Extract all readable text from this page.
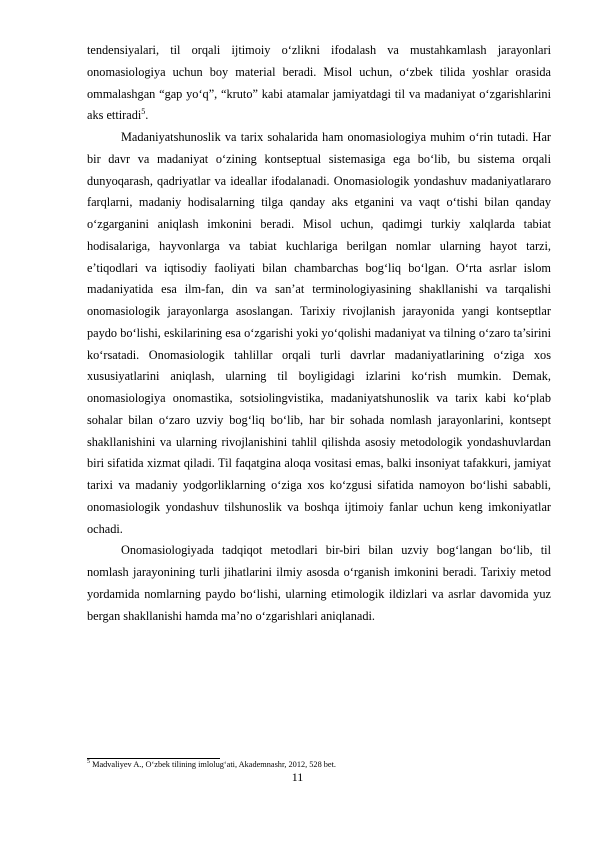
tendensiyalari, til orqali ijtimoiy o‘zlikni ifodalash va mustahkamlash jarayonlari onomasiologiya uchun boy material beradi. Misol uchun, o‘zbek tilida yoshlar orasida ommalashgan “gap yo‘q”, “kruto” kabi atamalar jamiyatdagi til va madaniyat o‘zgarishlarini aks ettiradi$^5$.

Madaniyatshunoslik va tarix sohalarida ham onomasiologiya muhim o‘rin tutadi. Har bir davr va madaniyat o‘zining kontseptual sistemasiga ega bo‘lib, bu sistema orqali dunyoqarash, qadriyatlar va ideallar ifodalanadi. Onomasiologik yondashuv madaniyatlararo farqlarni, madaniy hodisalarning tilga qanday aks etganini va vaqt o‘tishi bilan qanday o‘zgarganini aniqlash imkonini beradi. Misol uchun, qadimgi turkiy xalqlarda tabiat hodisalariga, hayvonlarga va tabiat kuchlariga berilgan nomlar ularning hayot tarzi, e’tiqodlari va iqtisodiy faoliyati bilan chambarchas bog‘liq bo‘lgan. O‘rta asrlar islom madaniyatida esa ilm-fan, din va san’at terminologiyasining shakllanishi va tarqalishi onomasiologik jarayonlarga asoslangan. Tarixiy rivojlanish jarayonida yangi kontseptlar paydo bo‘lishi, eskilarining esa o‘zgarishi yoki yo‘qolishi madaniyat va tilning o‘zaro ta’sirini ko‘rsatadi. Onomasiologik tahlillar orqali turli davrlar madaniyatlarining o‘ziga xos xususiyatlarini aniqlash, ularning til boyligidagi izlarini ko‘rish mumkin. Demak, onomasiologiya onomastika, sotsiolingvistika, madaniyatshunoslik va tarix kabi ko‘plab sohalar bilan o‘zaro uzviy bog‘liq bo‘lib, har bir sohada nomlash jarayonlarini, kontsept shakllanishini va ularning rivojlanishini tahlil qilishda asosiy metodologik yondashuvlardan biri sifatida xizmat qiladi. Til faqatgina aloqa vositasi emas, balki insoniyat tafakkuri, jamiyat tarixi va madaniy yodgorliklarning o‘ziga xos ko‘zgusi sifatida namoyon bo‘lishi sababli, onomasiologik yondashuv tilshunoslik va boshqa ijtimoiy fanlar uchun keng imkoniyatlar ochadi.

Onomasiologiyada tadqiqot metodlari bir-biri bilan uzviy bog‘langan bo‘lib, til nomlash jarayonining turli jihatlarini ilmiy asosda o‘rganish imkonini beradi. Tarixiy metod yordamida nomlarning paydo bo‘lishi, ularning etimologik ildizlari va asrlar davomida yuz bergan shakllanishi hamda ma’no o‘zgarishlari aniqlanadi.

$^5$ Madvaliyev A., O‘zbek tilining imlolug‘ati, Akademnashr, 2012, 528 bet.
11
